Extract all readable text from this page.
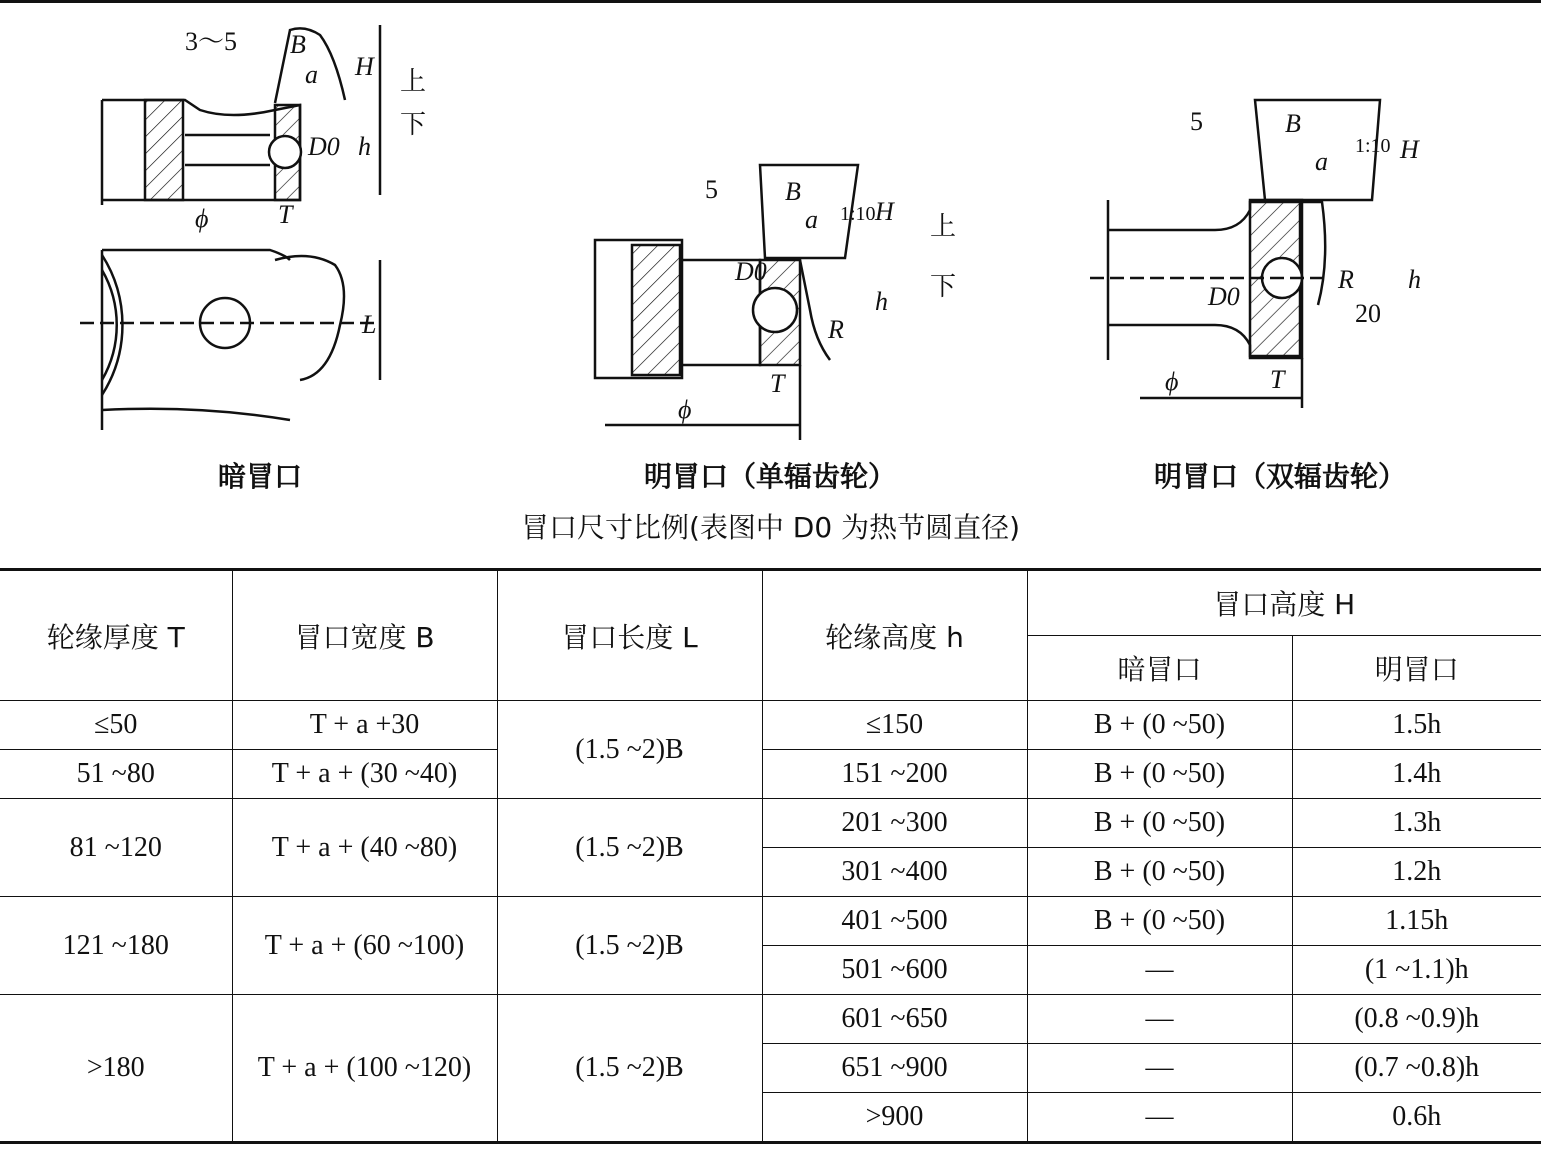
3～5 B
H
a	上
下
h
D0
ϕ	T
L
暗冒口
5	B
1:10
a H
上
下
D0
R
h
T
ϕ
明冒口（单辐齿轮）
5	B
1:10
a	H
h
D0
R
20
ϕ	T
明冒口（双辐齿轮）
冒口尺寸比例(表图中 D0 为热节圆直径)
轮缘厚度 T	冒口宽度 B	冒口长度 L	轮缘高度 h	冒口高度 H	
				暗冒口	明冒口
≤50	T + a +30	(1.5 ~2)B	≤150	B + (0 ~50)	1.5h
51 ~80	T + a + (30 ~40)		151 ~200	B + (0 ~50)	1.4h
81 ~120	T + a + (40 ~80)	(1.5 ~2)B	201 ~300	B + (0 ~50)	1.3h
			301 ~400	B + (0 ~50)	1.2h
121 ~180	T + a + (60 ~100)	(1.5 ~2)B	401 ~500	B + (0 ~50)	1.15h
			501 ~600	—	(1 ~1.1)h
>180	T + a + (100 ~120)	(1.5 ~2)B	601 ~650	—	(0.8 ~0.9)h
			651 ~900	—	(0.7 ~0.8)h
			>900	—	0.6h
